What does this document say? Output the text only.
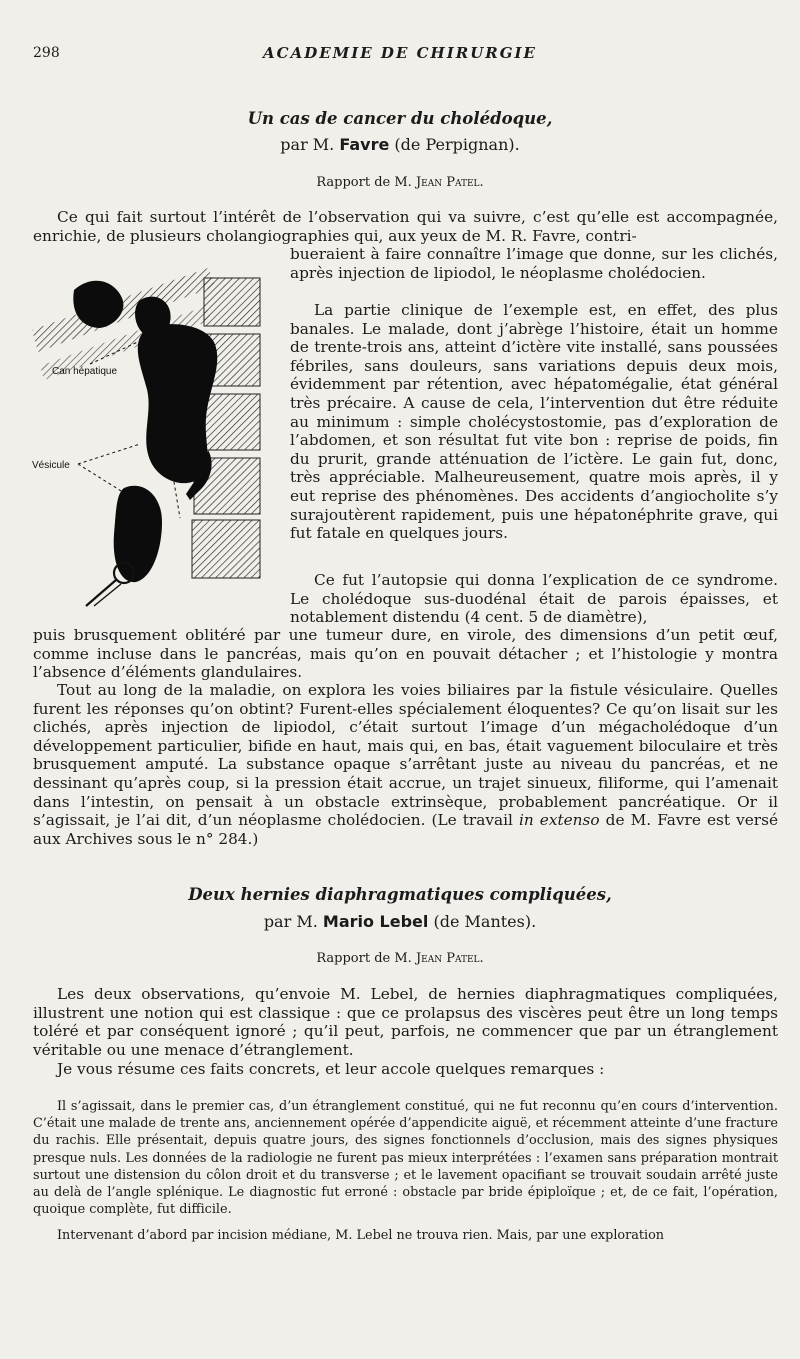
298	ACADEMIE DE CHIRURGIE
Un cas de cancer du cholédoque,
par M. Favre (de Perpignan).
Rapport de M. Jean Patel.

Ce qui fait surtout l’intérêt de l’observation qui va suivre, c’est qu’elle est accompagnée, enrichie, de plusieurs cholangiographies qui, aux yeux de M. R. Favre, contri-

bueraient à faire connaître l’image que donne, sur les clichés, après injection de lipiodol, le néoplasme cholédocien.

La partie clinique de l’exemple est, en effet, des plus banales. Le malade, dont j’abrège l’histoire, était un homme de trente-trois ans, atteint d’ictère vite installé, sans poussées fébriles, sans douleurs, sans variations depuis deux mois, évidemment par rétention, avec hépatomégalie, état général très précaire. A cause de cela, l’intervention dut être réduite au minimum : simple cholécystostomie, pas d’exploration de l’abdomen, et son résultat fut vite bon : reprise de poids, fin du prurit, grande atténuation de l’ictère. Le gain fut, donc, très appréciable. Malheureusement, quatre mois après, il y eut reprise des phénomènes. Des accidents d’angiocholite s’y surajoutèrent rapidement, puis une hépatonéphrite grave, qui fut fatale en quelques jours.

Ce fut l’autopsie qui donna l’explication de ce syndrome. Le cholédoque sus-duodénal était de parois épaisses, et notablement distendu (4 cent. 5 de diamètre),

puis brusquement oblitéré par une tumeur dure, en virole, des dimensions d’un petit œuf, comme incluse dans le pancréas, mais qu’on en pouvait détacher ; et l’histologie y montra l’absence d’éléments glandulaires.

Tout au long de la maladie, on explora les voies biliaires par la fistule vésiculaire. Quelles furent les réponses qu’on obtint? Furent-elles spécialement éloquentes? Ce qu’on lisait sur les clichés, après injection de lipiodol, c’était surtout l’image d’un mégacholédoque d’un développement particulier, bifide en haut, mais qui, en bas, était vaguement biloculaire et très brusquement amputé. La substance opaque s’arrêtant juste au niveau du pancréas, et ne dessinant qu’après coup, si la pression était accrue, un trajet sinueux, filiforme, qui l’amenait dans l’intestin, on pensait à un obstacle extrinsèque, probablement pancréatique. Or il s’agissait, je l’ai dit, d’un néoplasme cholédocien. (Le travail in extenso de M. Favre est versé aux Archives sous le n° 284.)

Can hépatique
Vésicule
Deux hernies diaphragmatiques compliquées,
par M. Mario Lebel (de Mantes).
Rapport de M. Jean Patel.

Les deux observations, qu’envoie M. Lebel, de hernies diaphragmatiques compliquées, illustrent une notion qui est classique : que ce prolapsus des viscères peut être un long temps toléré et par conséquent ignoré ; qu’il peut, parfois, ne commencer que par un étranglement véritable ou une menace d’étranglement.

Je vous résume ces faits concrets, et leur accole quelques remarques :

Il s’agissait, dans le premier cas, d’un étranglement constitué, qui ne fut reconnu qu’en cours d’intervention. C’était une malade de trente ans, anciennement opérée d’appendicite aiguë, et récemment atteinte d’une fracture du rachis. Elle présentait, depuis quatre jours, des signes fonctionnels d’occlusion, mais des signes physiques presque nuls. Les données de la radiologie ne furent pas mieux interprétées : l’examen sans préparation montrait surtout une distension du côlon droit et du transverse ; et le lavement opacifiant se trouvait soudain arrêté juste au delà de l’angle splénique. Le diagnostic fut erroné : obstacle par bride épiploïque ; et, de ce fait, l’opération, quoique complète, fut difficile.

Intervenant d’abord par incision médiane, M. Lebel ne trouva rien. Mais, par une exploration
